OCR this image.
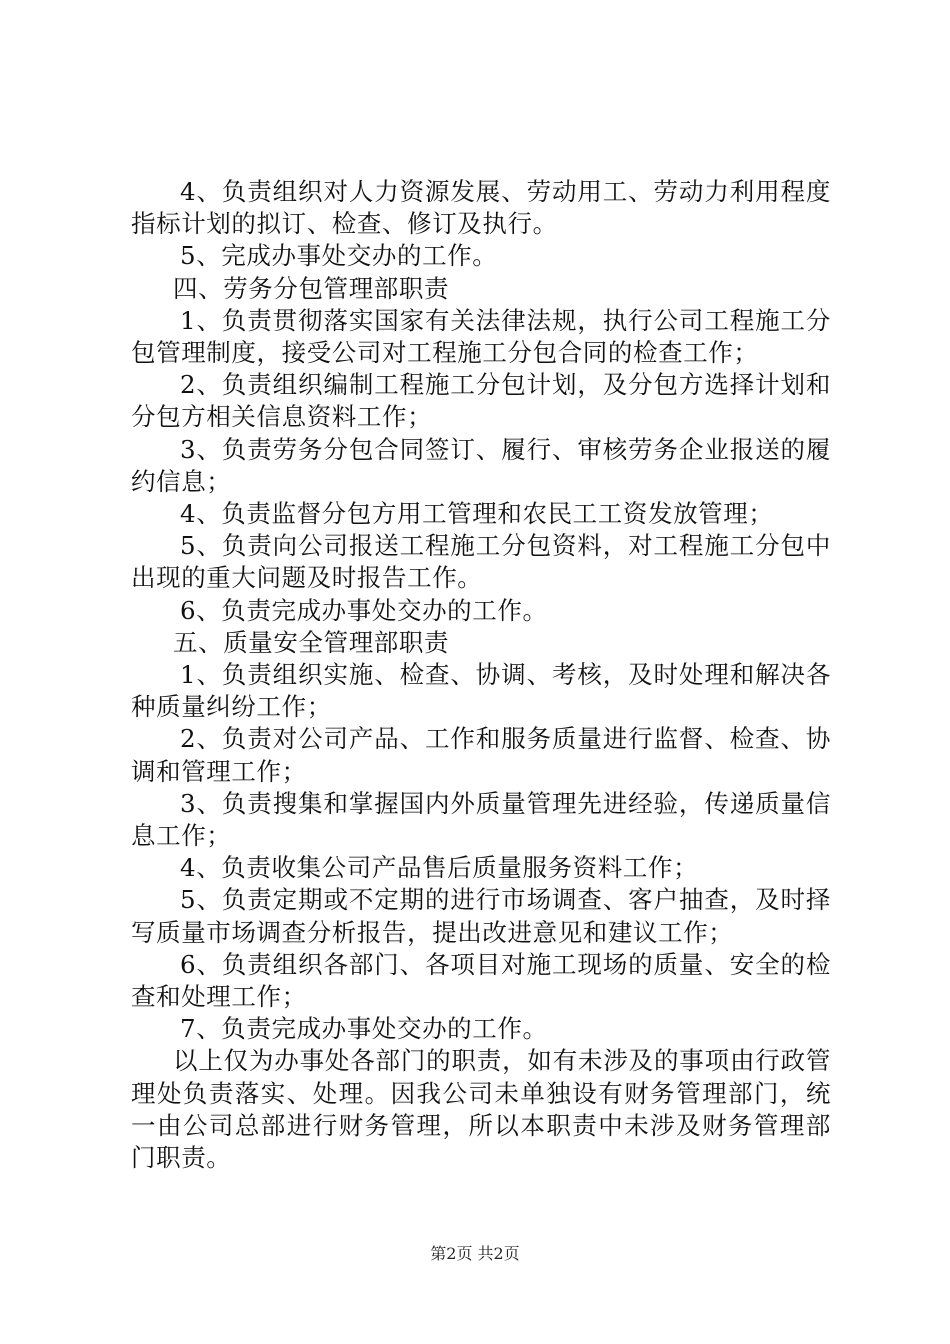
4、负责组织对人力资源发展、劳动用工、劳动力利用程度指标计划的拟订、检查、修订及执行。

5、完成办事处交办的工作。

四、劳务分包管理部职责

1、负责贯彻落实国家有关法律法规，执行公司工程施工分包管理制度，接受公司对工程施工分包合同的检查工作；

2、负责组织编制工程施工分包计划，及分包方选择计划和分包方相关信息资料工作；

3、负责劳务分包合同签订、履行、审核劳务企业报送的履约信息；

4、负责监督分包方用工管理和农民工工资发放管理；

5、负责向公司报送工程施工分包资料，对工程施工分包中出现的重大问题及时报告工作。

6、负责完成办事处交办的工作。

五、质量安全管理部职责

1、负责组织实施、检查、协调、考核，及时处理和解决各种质量纠纷工作；

2、负责对公司产品、工作和服务质量进行监督、检查、协调和管理工作；

3、负责搜集和掌握国内外质量管理先进经验，传递质量信息工作；

4、负责收集公司产品售后质量服务资料工作；

5、负责定期或不定期的进行市场调查、客户抽查，及时择写质量市场调查分析报告，提出改进意见和建议工作；

6、负责组织各部门、各项目对施工现场的质量、安全的检查和处理工作；

7、负责完成办事处交办的工作。

以上仅为办事处各部门的职责，如有未涉及的事项由行政管理处负责落实、处理。因我公司未单独设有财务管理部门，统一由公司总部进行财务管理，所以本职责中未涉及财务管理部门职责。

第2页 共2页
